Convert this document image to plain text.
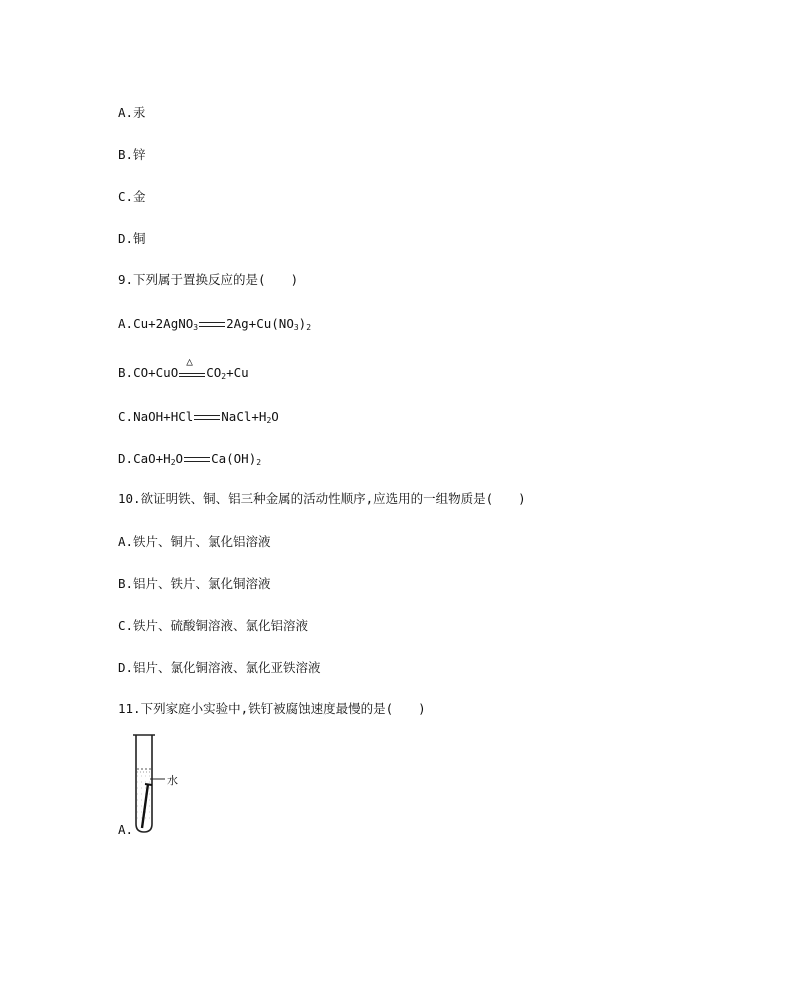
A.汞
B.锌
C.金
D.铜
9.下列属于置换反应的是(　　)
A.Cu+2AgNO$_3$ $2Ag+Cu(NO_3)_2$
B.CO+CuO
△
$CO_2+Cu$
C.NaOH+HCl $NaCl+H_2O$
$D.CaO+H_2O$ $Ca(OH)_2$
10.欲证明铁、铜、铝三种金属的活动性顺序,应选用的一组物质是(　　)
A.铁片、铜片、氯化铝溶液
B.铝片、铁片、氯化铜溶液
C.铁片、硫酸铜溶液、氯化铝溶液
D.铝片、氯化铜溶液、氯化亚铁溶液
11.下列家庭小实验中,铁钉被腐蚀速度最慢的是(　　)
水
A.
